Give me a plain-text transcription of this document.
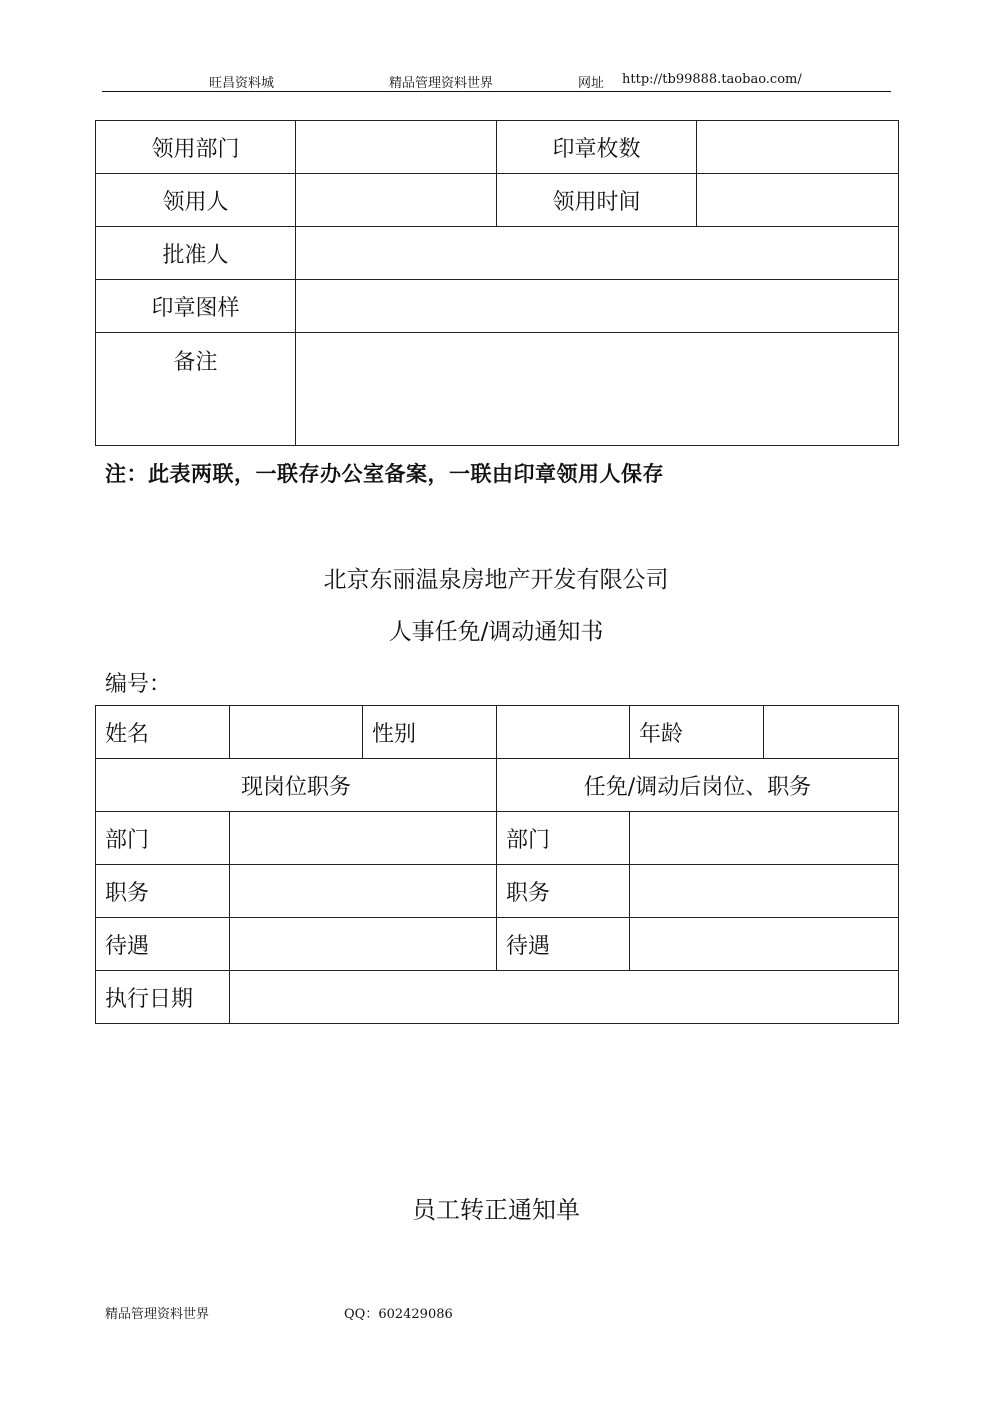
旺昌资料城	精品管理资料世界	网址 http://tb99888.taobao.com/
领用部门		印章枚数	
领用人		领用时间	
批准人			
印章图样			
备注			
注：此表两联，一联存办公室备案，一联由印章领用人保存
北京东丽温泉房地产开发有限公司
人事任免/调动通知书
编号：
姓名		性别		年龄	
现岗位职务			任免/调动后岗位、职务		
部门			部门		
职务			职务		
待遇			待遇		
执行日期					
员工转正通知单
精品管理资料世界	QQ：602429086
